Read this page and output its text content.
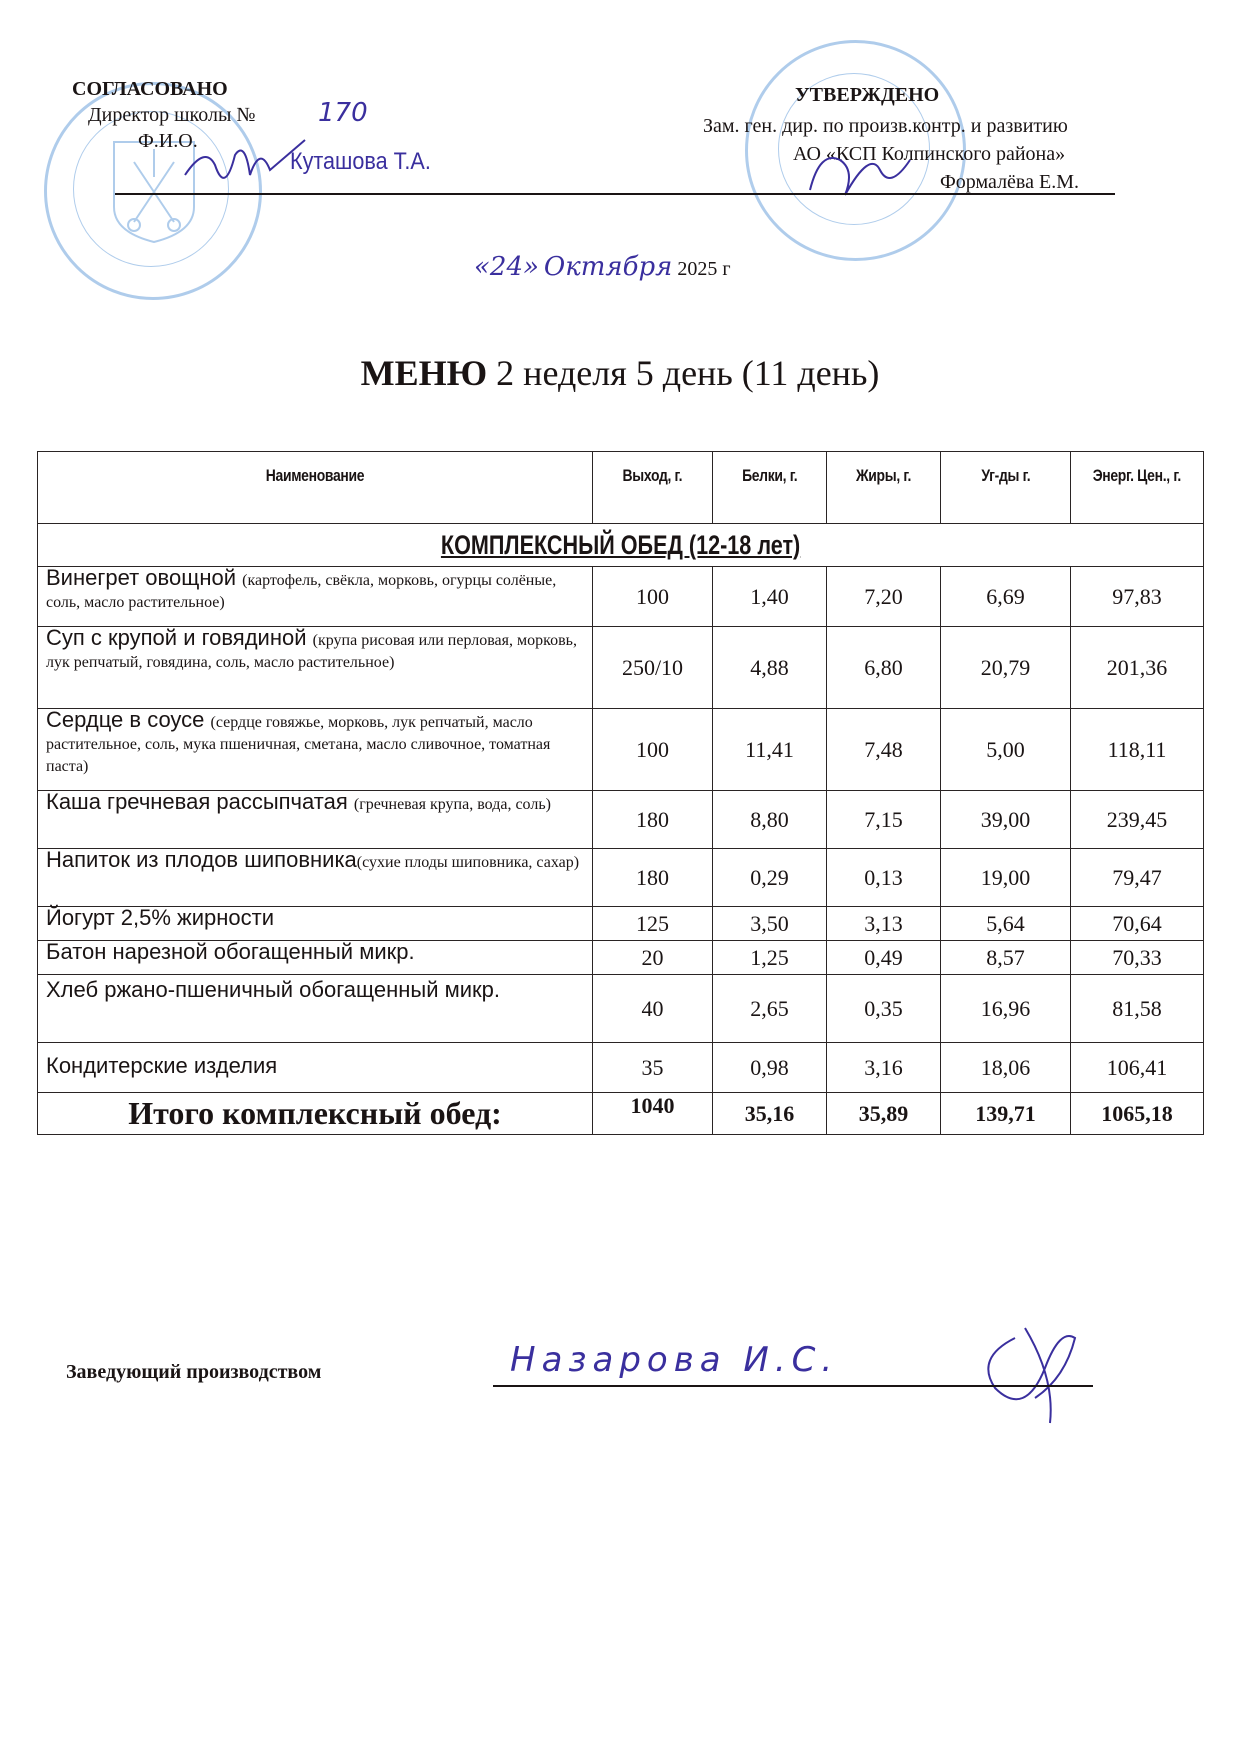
СОГЛАСОВАНО
Директор школы № 170
Ф.И.О.
Куташова Т.А.
УТВЕРЖДЕНО
Зам. ген. дир. по произв.контр. и развитию
АО «КСП Колпинского района»
Формалёва Е.М.
«24» Октября 2025 г
МЕНЮ 2 неделя 5 день (11 день)
Наименование	Выход, г.	Белки, г.	Жиры, г.	Уг-ды г.	Энерг. Цен., г.
КОМПЛЕКСНЫЙ ОБЕД (12-18 лет)					
Винегрет овощной (картофель, свёкла, морковь, огурцы солёные, соль, масло растительное)	100	1,40	7,20	6,69	97,83
Суп с крупой и говядиной (крупа рисовая или перловая, морковь, лук репчатый, говядина, соль, масло растительное)	250/10	4,88	6,80	20,79	201,36
Сердце в соусе (сердце говяжье, морковь, лук репчатый, масло растительное, соль, мука пшеничная, сметана, масло сливочное, томатная паста)	100	11,41	7,48	5,00	118,11
Каша гречневая рассыпчатая (гречневая крупа, вода, соль)	180	8,80	7,15	39,00	239,45
Напиток из плодов шиповника(сухие плоды шиповника, сахар)	180	0,29	0,13	19,00	79,47
Йогурт 2,5% жирности	125	3,50	3,13	5,64	70,64
Батон нарезной обогащенный микр.	20	1,25	0,49	8,57	70,33
Хлеб ржано-пшеничный обогащенный микр.	40	2,65	0,35	16,96	81,58
Кондитерские изделия	35	0,98	3,16	18,06	106,41
Итого комплексный обед:	1040	35,16	35,89	139,71	1065,18
Заведующий производством	Назарова И.С.
